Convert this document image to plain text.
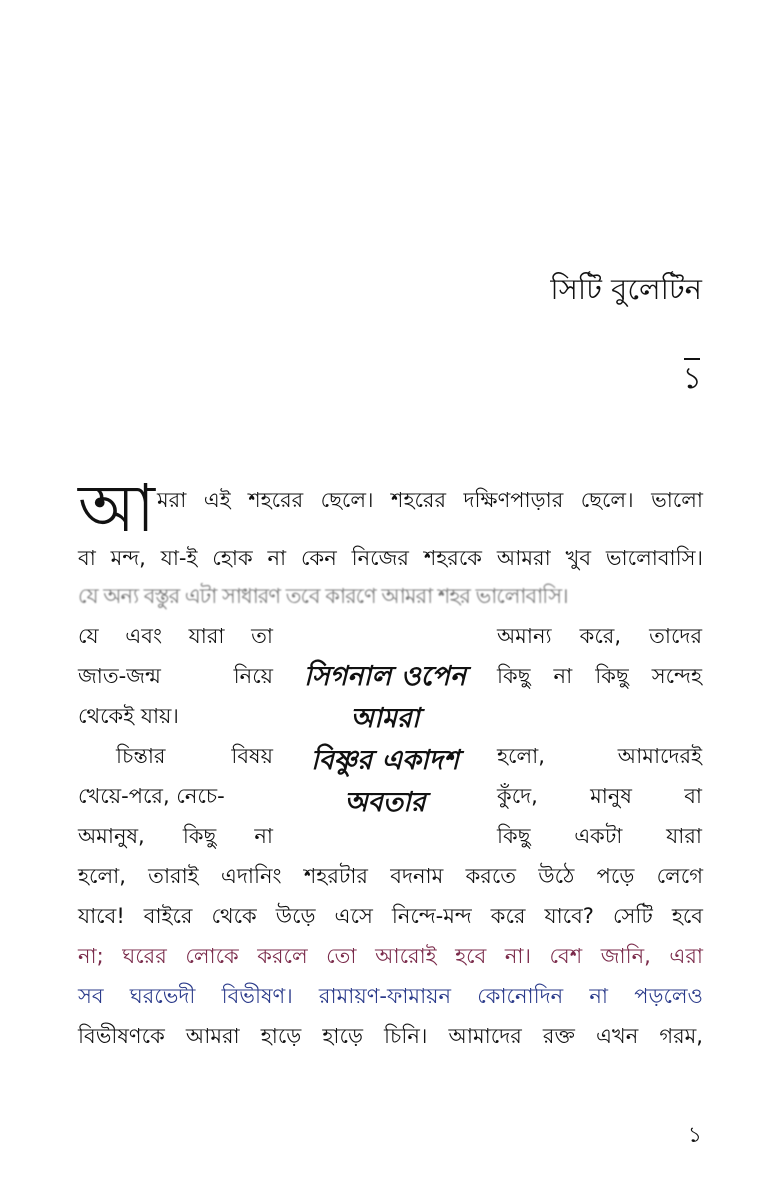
সিটি বুলেটিন
১
আ মরা এই শহরের ছেলে। শহরের দক্ষিণপাড়ার ছেলে। ভালো
বা মন্দ, যা-ই হোক না কেন নিজের শহরকে আমরা খুব ভালোবাসি।
যে অন্য বস্তুর এটা সাধারণ তবে কারণে আমরা শহর ভালোবাসি।
যে এবং যারা তা
জাত-জন্ম নিয়ে
থেকেই যায়।
চিন্তার বিষয়
খেয়ে-পরে, নেচে-
অমানুষ, কিছু না
অমান্য করে, তাদের
কিছু না কিছু সন্দেহ
হলো, আমাদেরই
কুঁদে, মানুষ বা
কিছু একটা যারা
সিগনাল ওপেন
আমরা
বিষ্ণুর একাদশ
অবতার
হলো, তারাই এদানিং শহরটার বদনাম করতে উঠে পড়ে লেগে
যাবে! বাইরে থেকে উড়ে এসে নিন্দে-মন্দ করে যাবে? সেটি হবে
না; ঘরের লোকে করলে তো আরোই হবে না। বেশ জানি, এরা
সব ঘরভেদী বিভীষণ। রামায়ণ-ফামায়ন কোনোদিন না পড়লেও
বিভীষণকে আমরা হাড়ে হাড়ে চিনি। আমাদের রক্ত এখন গরম,
১
